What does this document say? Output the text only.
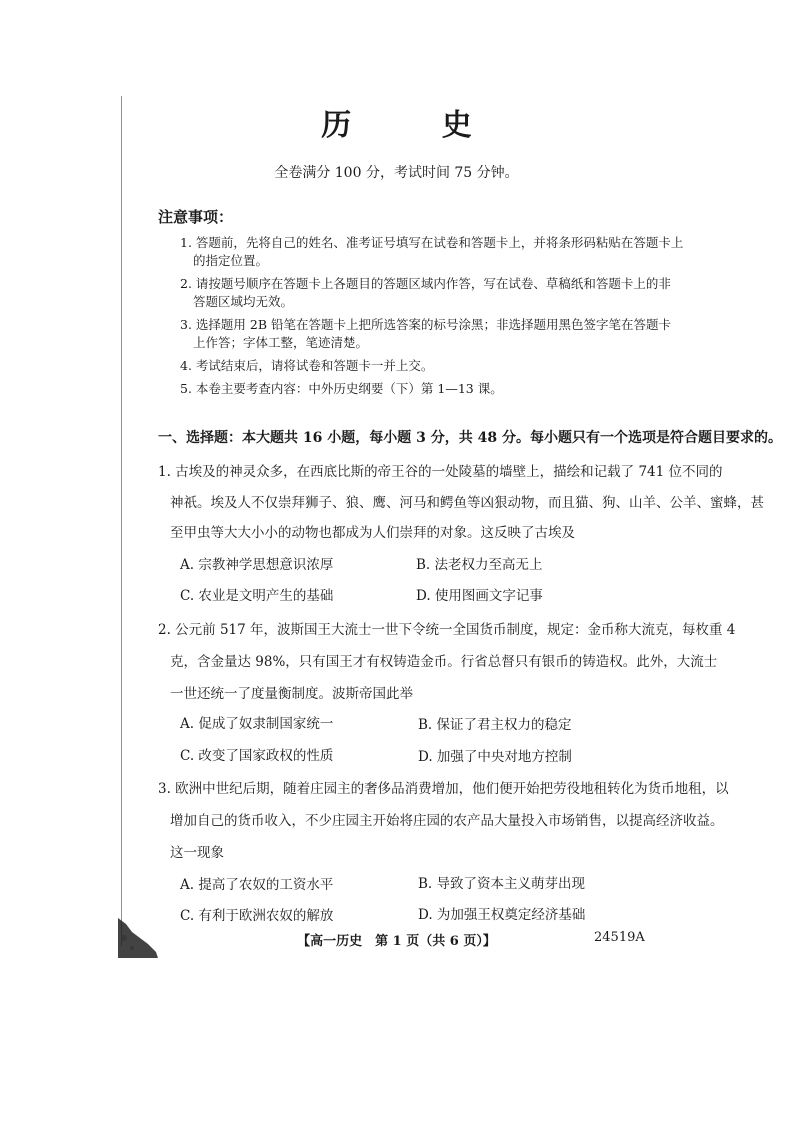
历 史
全卷满分 100 分，考试时间 75 分钟。
注意事项：
1. 答题前，先将自己的姓名、准考证号填写在试卷和答题卡上，并将条形码粘贴在答题卡上
的指定位置。
2. 请按题号顺序在答题卡上各题目的答题区域内作答，写在试卷、草稿纸和答题卡上的非
答题区域均无效。
3. 选择题用 2B 铅笔在答题卡上把所选答案的标号涂黑；非选择题用黑色签字笔在答题卡
上作答；字体工整，笔迹清楚。
4. 考试结束后，请将试卷和答题卡一并上交。
5. 本卷主要考查内容：中外历史纲要（下）第 1—13 课。
一、选择题：本大题共 16 小题，每小题 3 分，共 48 分。每小题只有一个选项是符合题目要求的。
1. 古埃及的神灵众多，在西底比斯的帝王谷的一处陵墓的墙壁上，描绘和记载了 741 位不同的
神祇。埃及人不仅崇拜狮子、狼、鹰、河马和鳄鱼等凶狠动物，而且猫、狗、山羊、公羊、蜜蜂，甚
至甲虫等大大小小的动物也都成为人们崇拜的对象。这反映了古埃及
A. 宗教神学思想意识浓厚	B. 法老权力至高无上
C. 农业是文明产生的基础	D. 使用图画文字记事
2. 公元前 517 年，波斯国王大流士一世下令统一全国货币制度，规定：金币称大流克，每枚重 4
克，含金量达 98%，只有国王才有权铸造金币。行省总督只有银币的铸造权。此外，大流士
一世还统一了度量衡制度。波斯帝国此举
A. 促成了奴隶制国家统一	B. 保证了君主权力的稳定
C. 改变了国家政权的性质	D. 加强了中央对地方控制
3. 欧洲中世纪后期，随着庄园主的奢侈品消费增加，他们便开始把劳役地租转化为货币地租，以
增加自己的货币收入，不少庄园主开始将庄园的农产品大量投入市场销售，以提高经济收益。
这一现象
A. 提高了农奴的工资水平	B. 导致了资本主义萌芽出现
C. 有利于欧洲农奴的解放	D. 为加强王权奠定经济基础
【高一历史　第 1 页（共 6 页）】	24519A
